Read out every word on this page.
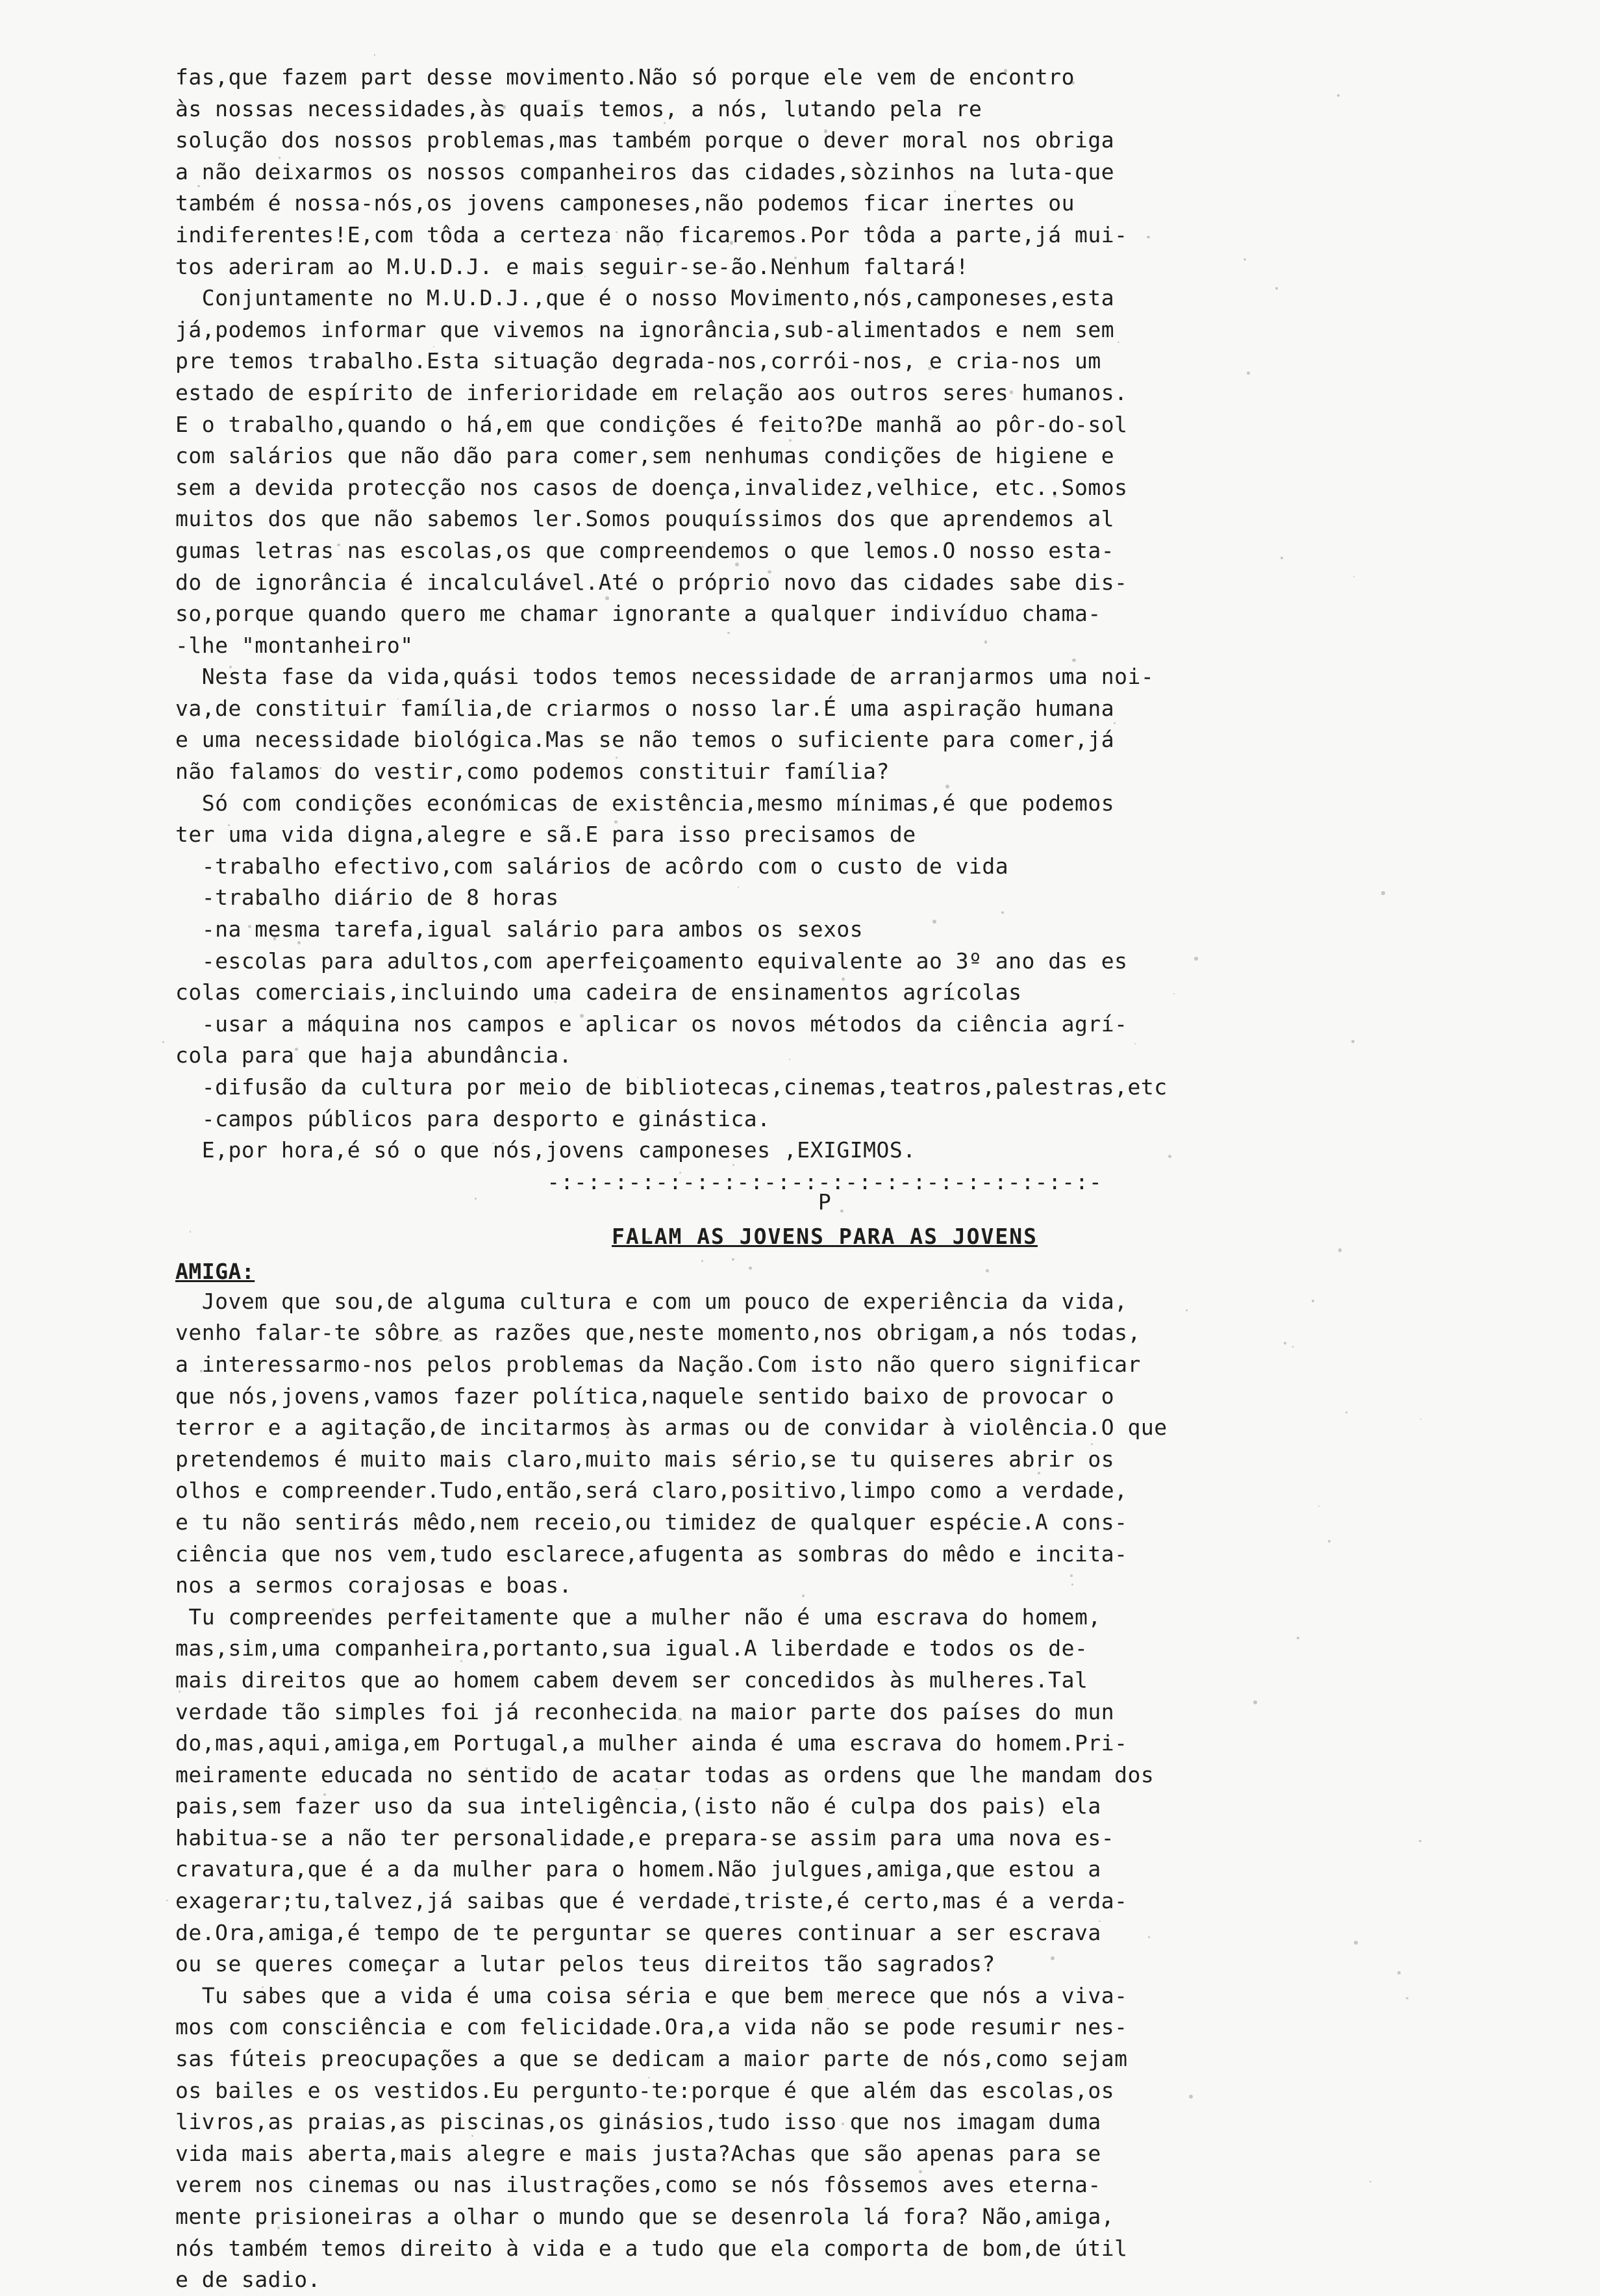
fas,que fazem part desse movimento.Não só porque ele vem de encontro
às nossas necessidades,às quais temos, a nós, lutando pela re
solução dos nossos problemas,mas também porque o dever moral nos obriga
a não deixarmos os nossos companheiros das cidades,sòzinhos na luta-que
também é nossa-nós,os jovens camponeses,não podemos ficar inertes ou
indiferentes!E,com tôda a certeza não ficaremos.Por tôda a parte,já mui-
tos aderiram ao M.U.D.J. e mais seguir-se-ão.Nenhum faltará!
Conjuntamente no M.U.D.J.,que é o nosso Movimento,nós,camponeses,esta
já,podemos informar que vivemos na ignorância,sub-alimentados e nem sem
pre temos trabalho.Esta situação degrada-nos,corrói-nos, e cria-nos um
estado de espírito de inferioridade em relação aos outros seres humanos.
E o trabalho,quando o há,em que condições é feito?De manhã ao pôr-do-sol
com salários que não dão para comer,sem nenhumas condições de higiene e
sem a devida protecção nos casos de doença,invalidez,velhice, etc..Somos
muitos dos que não sabemos ler.Somos pouquíssimos dos que aprendemos al
gumas letras nas escolas,os que compreendemos o que lemos.O nosso esta-
do de ignorância é incalculável.Até o próprio novo das cidades sabe dis-
so,porque quando quero me chamar ignorante a qualquer indivíduo chama-
-lhe "montanheiro"
Nesta fase da vida,quási todos temos necessidade de arranjarmos uma noi-
va,de constituir família,de criarmos o nosso lar.É uma aspiração humana
e uma necessidade biológica.Mas se não temos o suficiente para comer,já
não falamos do vestir,como podemos constituir família?
Só com condições económicas de existência,mesmo mínimas,é que podemos
ter uma vida digna,alegre e sã.E para isso precisamos de
-trabalho efectivo,com salários de acôrdo com o custo de vida
-trabalho diário de 8 horas
-na mesma tarefa,igual salário para ambos os sexos
-escolas para adultos,com aperfeiçoamento equivalente ao 3º ano das es
colas comerciais,incluindo uma cadeira de ensinamentos agrícolas
-usar a máquina nos campos e aplicar os novos métodos da ciência agrí-
cola para que haja abundância.
-difusão da cultura por meio de bibliotecas,cinemas,teatros,palestras,etc
-campos públicos para desporto e ginástica.
E,por hora,é só o que nós,jovens camponeses ,EXIGIMOS.
-:-:-:-:-:-:-:-:-:-:-:-:-:-:-:-:-:-:-:-:-
P
FALAM AS JOVENS PARA AS JOVENS
AMIGA:
Jovem que sou,de alguma cultura e com um pouco de experiência da vida,
venho falar-te sôbre as razões que,neste momento,nos obrigam,a nós todas,
a interessarmo-nos pelos problemas da Nação.Com isto não quero significar
que nós,jovens,vamos fazer política,naquele sentido baixo de provocar o
terror e a agitação,de incitarmos às armas ou de convidar à violência.O que
pretendemos é muito mais claro,muito mais sério,se tu quiseres abrir os
olhos e compreender.Tudo,então,será claro,positivo,limpo como a verdade,
e tu não sentirás mêdo,nem receio,ou timidez de qualquer espécie.A cons-
ciência que nos vem,tudo esclarece,afugenta as sombras do mêdo e incita-
nos a sermos corajosas e boas.
Tu compreendes perfeitamente que a mulher não é uma escrava do homem,
mas,sim,uma companheira,portanto,sua igual.A liberdade e todos os de-
mais direitos que ao homem cabem devem ser concedidos às mulheres.Tal
verdade tão simples foi já reconhecida na maior parte dos países do mun
do,mas,aqui,amiga,em Portugal,a mulher ainda é uma escrava do homem.Pri-
meiramente educada no sentido de acatar todas as ordens que lhe mandam dos
pais,sem fazer uso da sua inteligência,(isto não é culpa dos pais) ela
habitua-se a não ter personalidade,e prepara-se assim para uma nova es-
cravatura,que é a da mulher para o homem.Não julgues,amiga,que estou a
exagerar;tu,talvez,já saibas que é verdade,triste,é certo,mas é a verda-
de.Ora,amiga,é tempo de te perguntar se queres continuar a ser escrava
ou se queres começar a lutar pelos teus direitos tão sagrados?
Tu sabes que a vida é uma coisa séria e que bem merece que nós a viva-
mos com consciência e com felicidade.Ora,a vida não se pode resumir nes-
sas fúteis preocupações a que se dedicam a maior parte de nós,como sejam
os bailes e os vestidos.Eu pergunto-te:porque é que além das escolas,os
livros,as praias,as piscinas,os ginásios,tudo isso que nos imagam duma
vida mais aberta,mais alegre e mais justa?Achas que são apenas para se
verem nos cinemas ou nas ilustrações,como se nós fôssemos aves eterna-
mente prisioneiras a olhar o mundo que se desenrola lá fora? Não,amiga,
nós também temos direito à vida e a tudo que ela comporta de bom,de útil
e de sadio.
